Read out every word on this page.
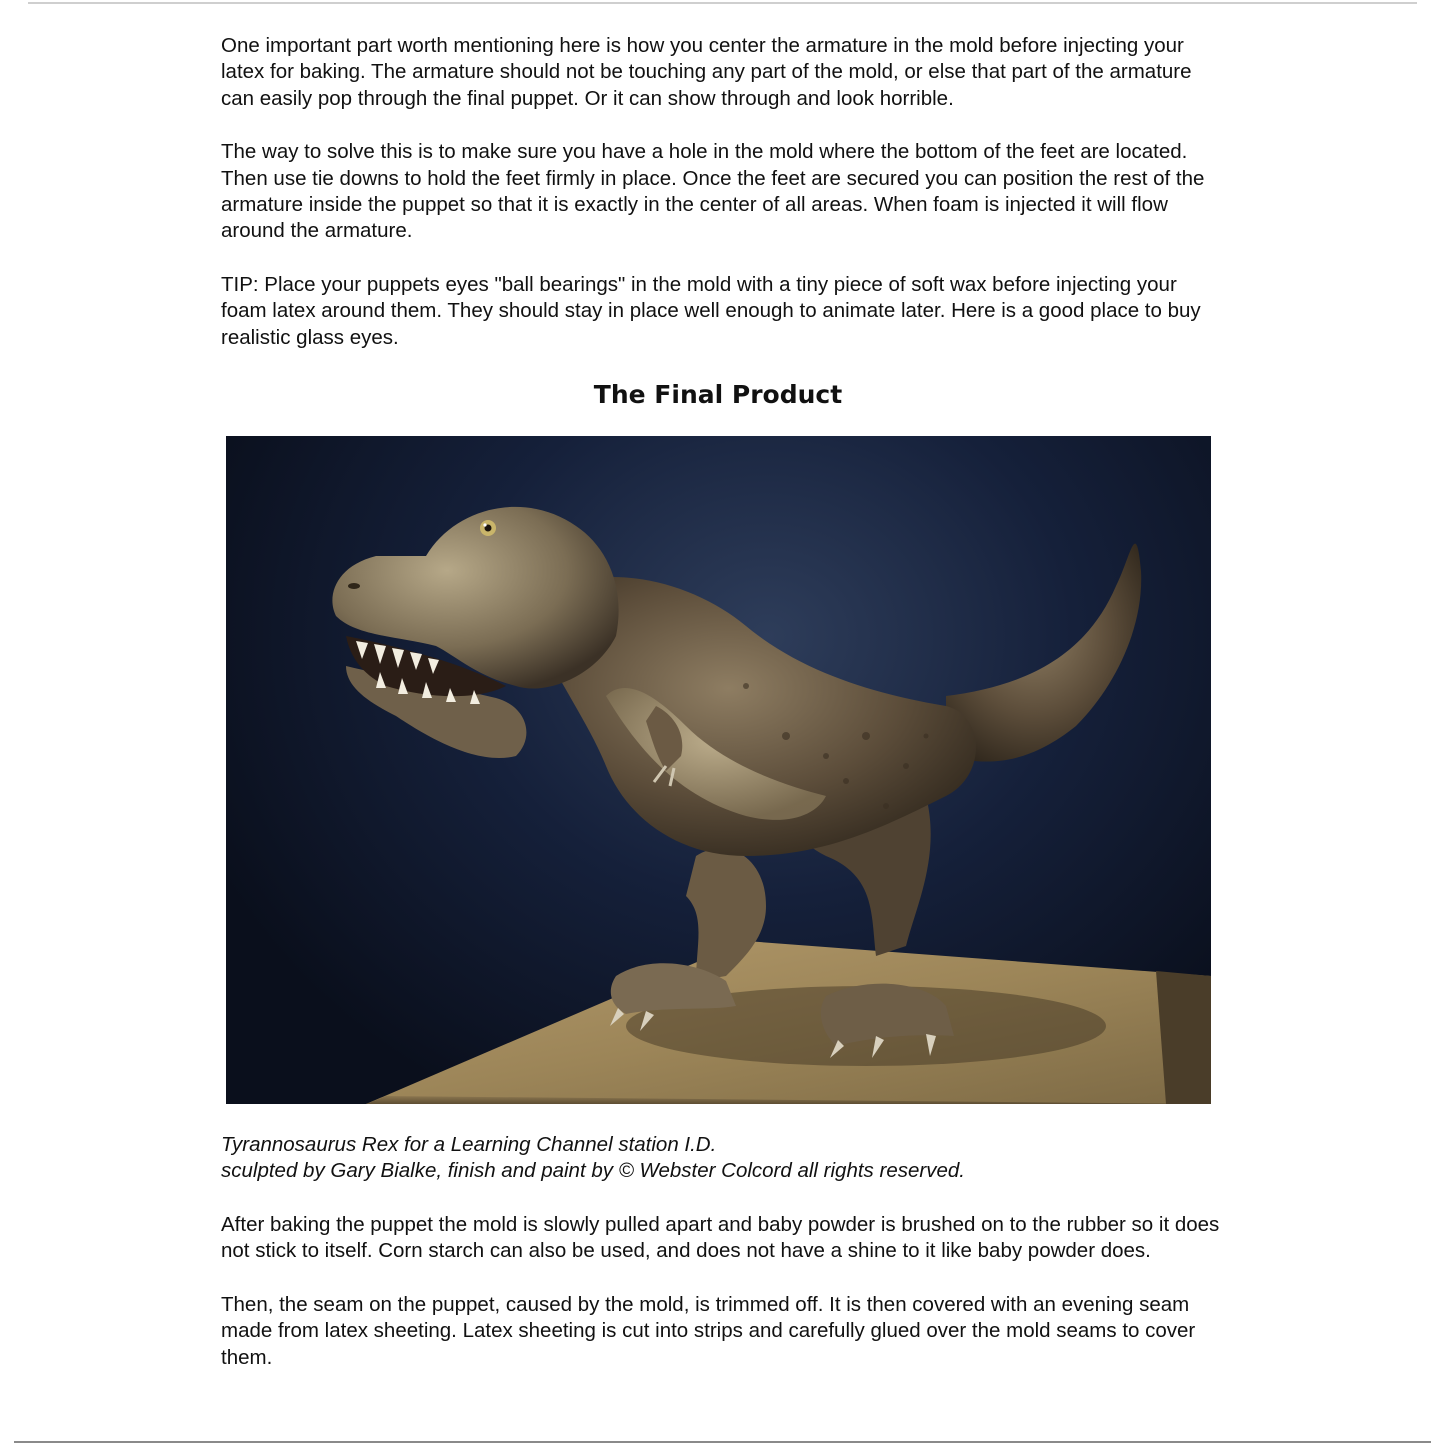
One important part worth mentioning here is how you center the armature in the mold before injecting your latex for baking. The armature should not be touching any part of the mold, or else that part of the armature can easily pop through the final puppet. Or it can show through and look horrible.

The way to solve this is to make sure you have a hole in the mold where the bottom of the feet are located. Then use tie downs to hold the feet firmly in place. Once the feet are secured you can position the rest of the armature inside the puppet so that it is exactly in the center of all areas. When foam is injected it will flow around the armature.

TIP: Place your puppets eyes "ball bearings" in the mold with a tiny piece of soft wax before injecting your foam latex around them. They should stay in place well enough to animate later. Here is a good place to buy realistic glass eyes.

The Final Product

Tyrannosaurus Rex for a Learning Channel station I.D.
sculpted by Gary Bialke, finish and paint by © Webster Colcord all rights reserved.

After baking the puppet the mold is slowly pulled apart and baby powder is brushed on to the rubber so it does not stick to itself. Corn starch can also be used, and does not have a shine to it like baby powder does.

Then, the seam on the puppet, caused by the mold, is trimmed off. It is then covered with an evening seam made from latex sheeting. Latex sheeting is cut into strips and carefully glued over the mold seams to cover them.
